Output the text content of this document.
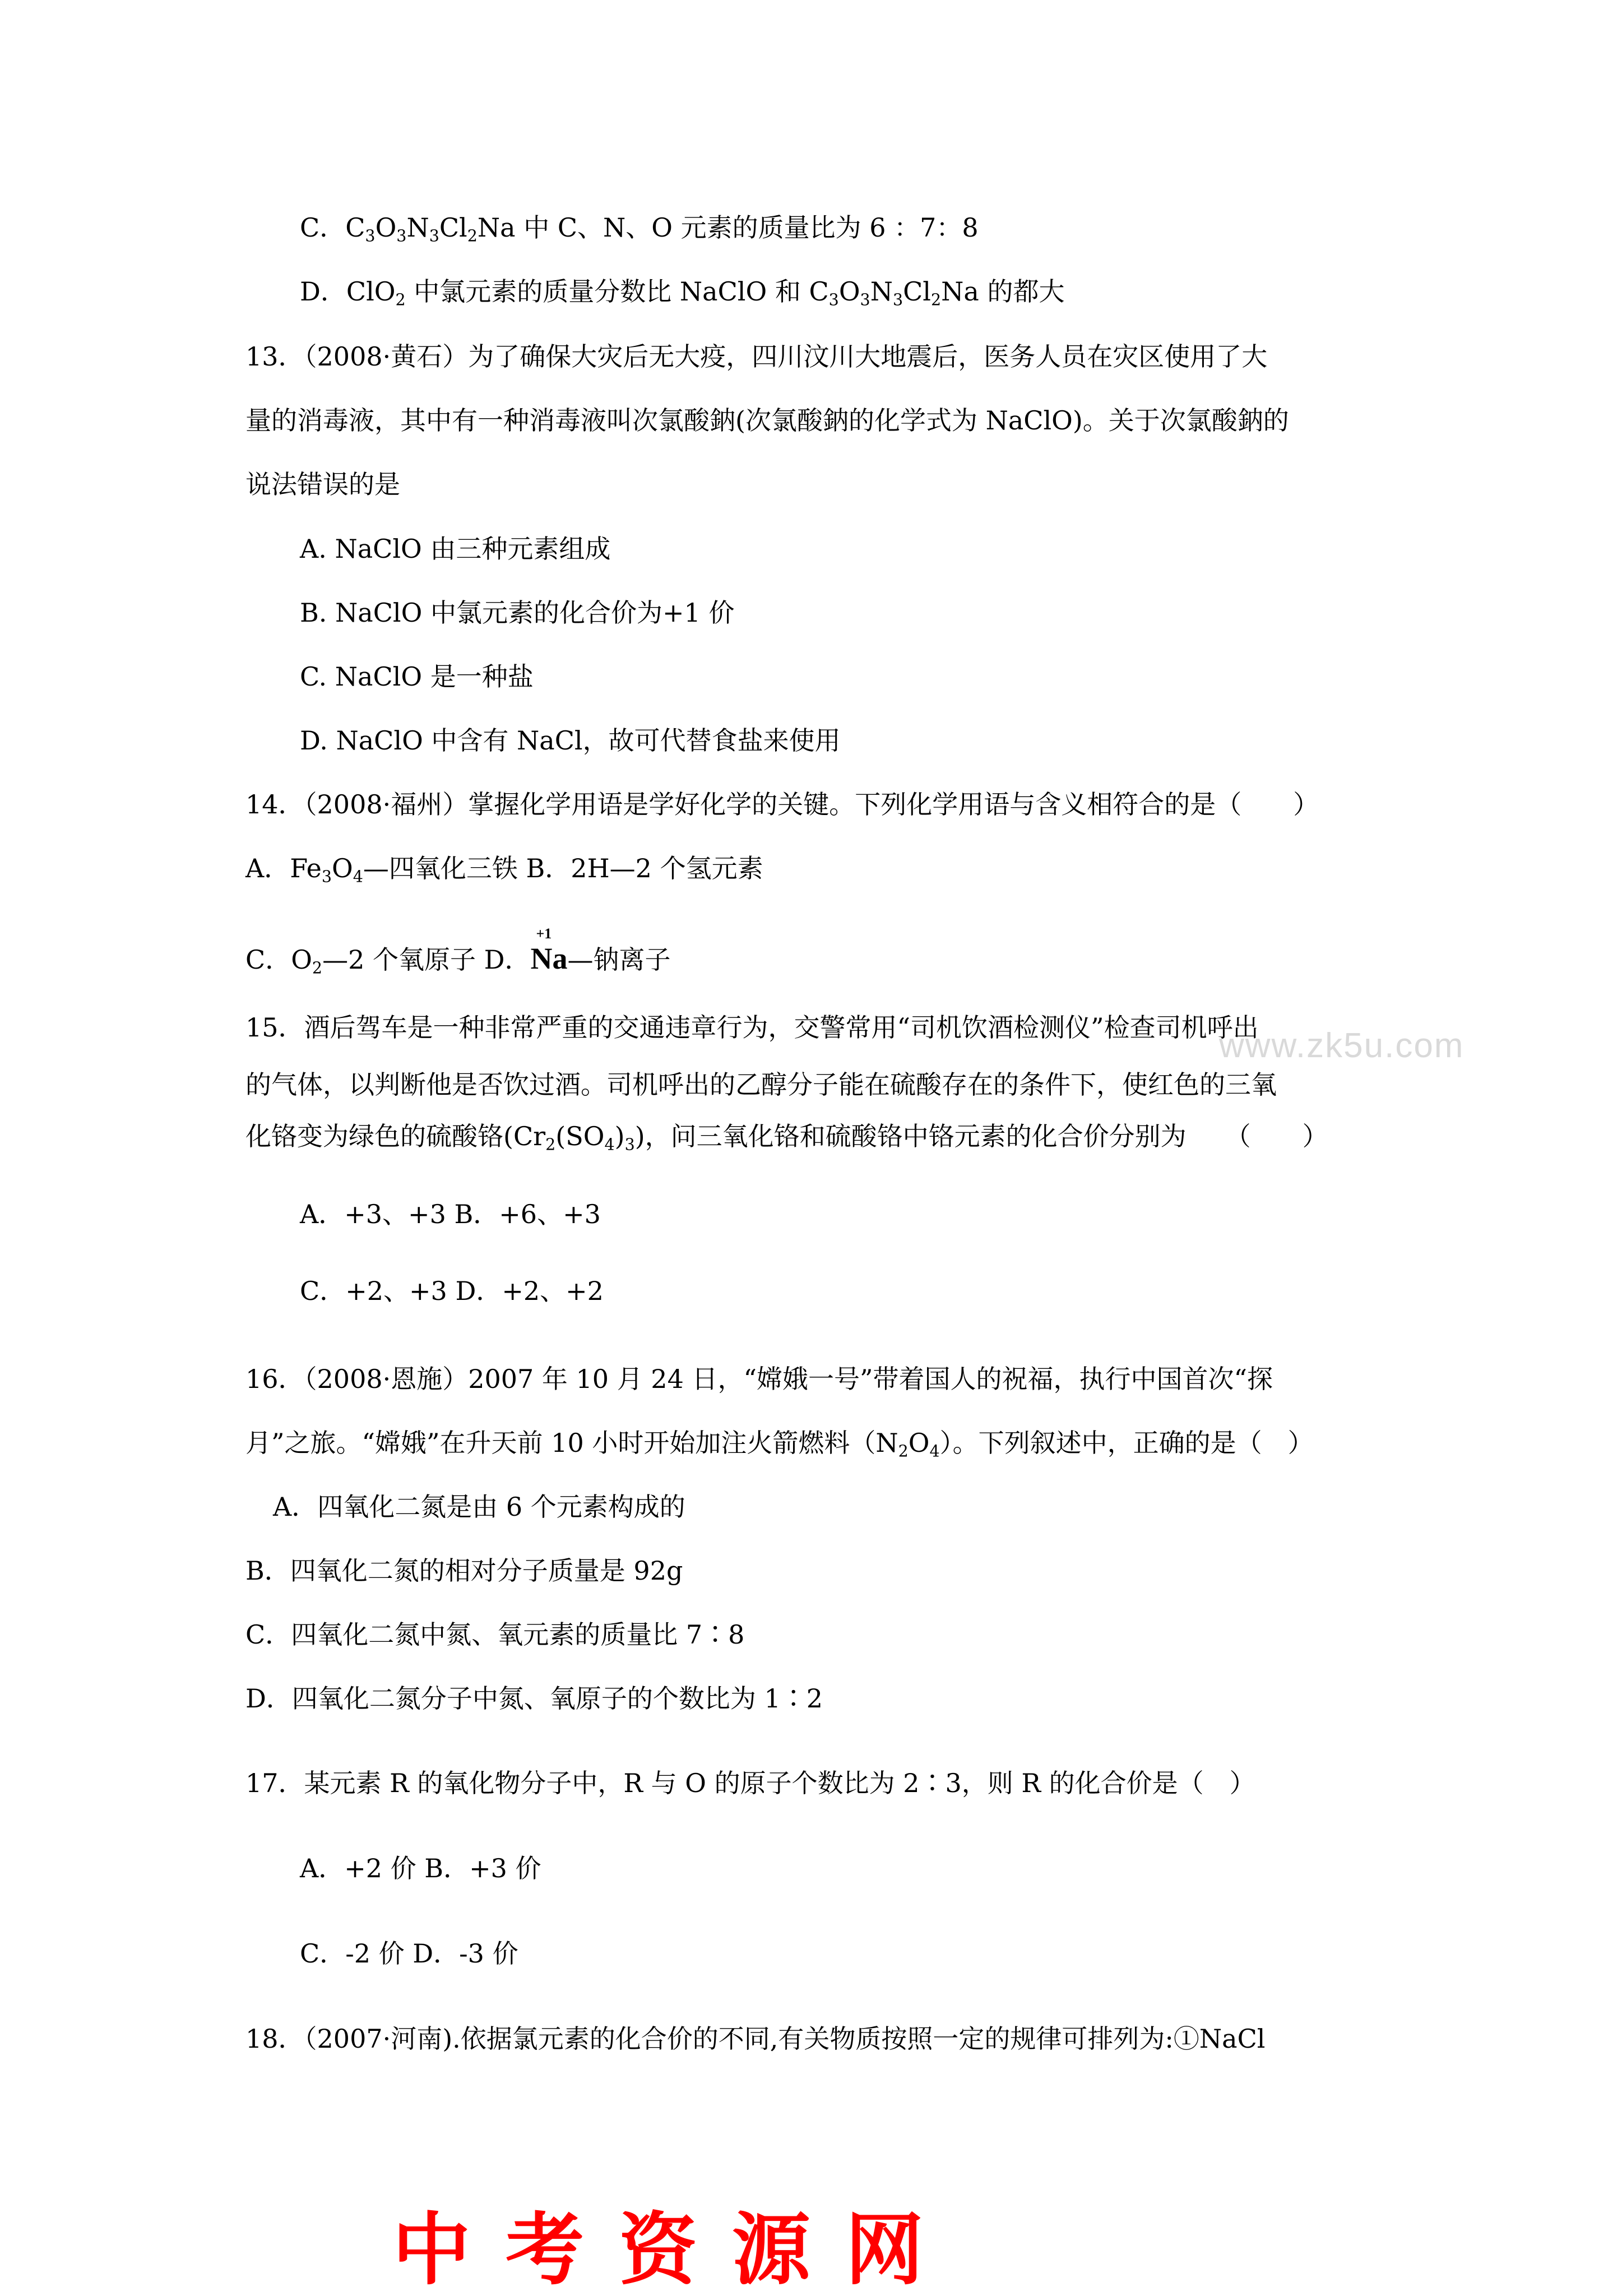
C．$C_3O_3N_3Cl_2Na$ 中 C、N、O 元素的质量比为 6 ：7：8
D．ClO$_2$ 中氯元素的质量分数比 NaClO 和 $C_3O_3N_3Cl_2Na$ 的都大
13．（2008·黄石）为了确保大灾后无大疫，四川汶川大地震后，医务人员在灾区使用了大
量的消毒液，其中有一种消毒液叫次氯酸鈉(次氯酸鈉的化学式为 NaClO)。关于次氯酸鈉的
说法错误的是
A. NaClO 由三种元素组成
B. NaClO 中氯元素的化合价为+1 价
C. NaClO 是一种盐
D. NaClO 中含有 NaCl，故可代替食盐来使用
14．（2008·福州）掌握化学用语是学好化学的关键。下列化学用语与含义相符合的是（　　）
A．$Fe_3O_4—$四氧化三铁 B．2H—2 个氢元素
C．$O_2—2$ 个氧原子 D．
+1
Na—钠离子
15．酒后驾车是一种非常严重的交通违章行为，交警常用“司机饮酒检测仪”检查司机呼出
www.zk5u.com
的气体，以判断他是否饮过酒。司机呼出的乙醇分子能在硫酸存在的条件下，使红色的三氧
化铬变为绿色的硫酸铬$(Cr_2(SO_4)_3)$，问三氧化铬和硫酸铬中铬元素的化合价分别为　　（　　）
A．+3、+3 B．+6、+3
C．+2、+3 D．+2、+2
16．（2008·恩施）2007 年 10 月 24 日，“嫦娥一号”带着国人的祝福，执行中国首次“探
月”之旅。“嫦娥”在升天前 10 小时开始加注火箭燃料$(N_2O_4)$。下列叙述中，正确的是（　）
A．四氧化二氮是由 6 个元素构成的
B．四氧化二氮的相对分子质量是 92g
C．四氧化二氮中氮、氧元素的质量比 7∶8
D．四氧化二氮分子中氮、氧原子的个数比为 1∶2
17．某元素 R 的氧化物分子中，R 与 O 的原子个数比为 2∶3，则 R 的化合价是（　）
A．+2 价 B．+3 价
C．-2 价 D．-3 价
18．（2007·河南).依据氯元素的化合价的不同,有关物质按照一定的规律可排列为:①NaCl
中考资源网
